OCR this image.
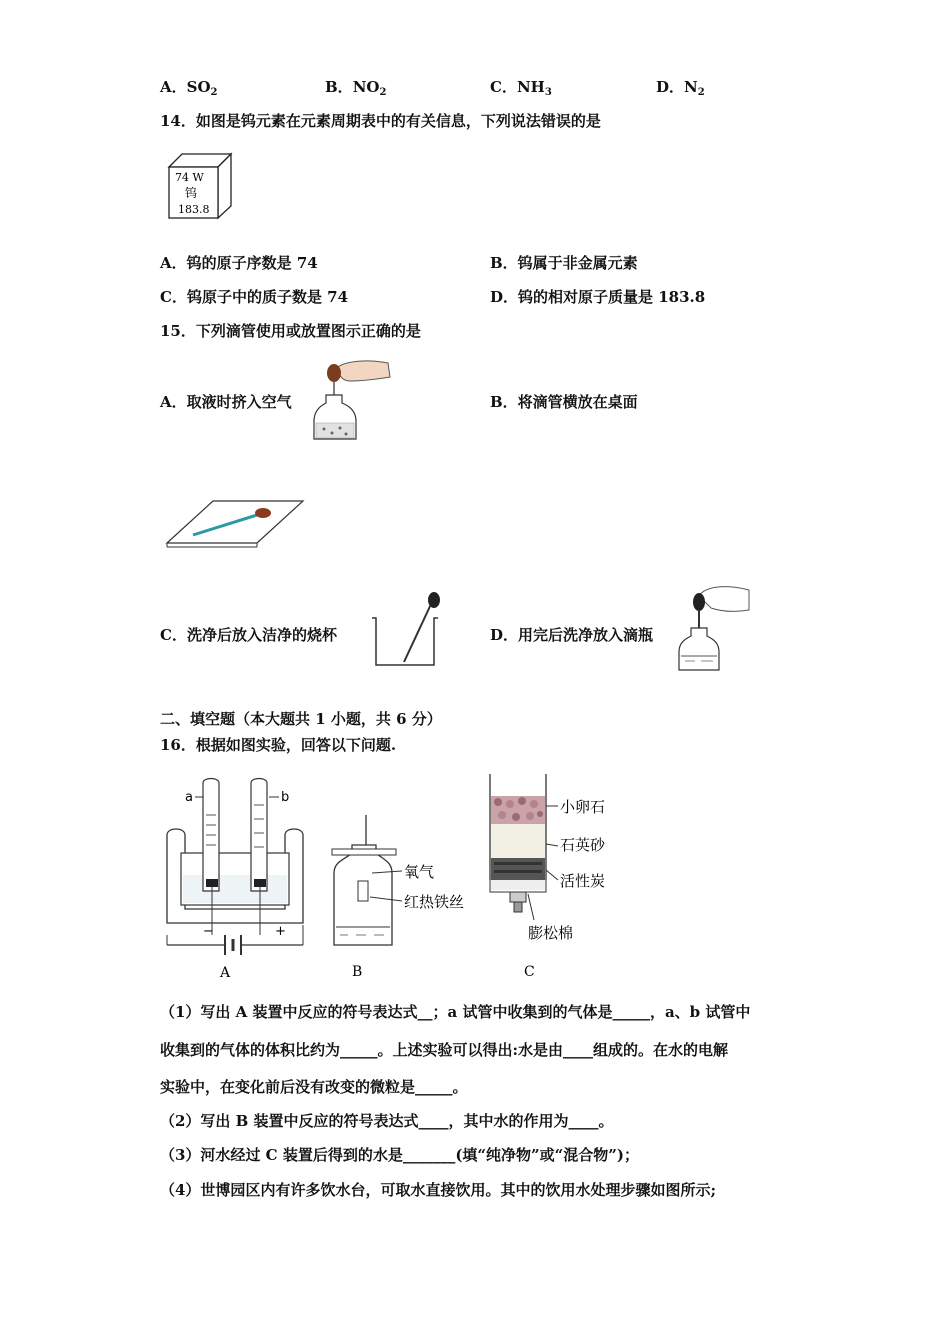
A．$SO_2$	B．$NO_2$	C．$NH_3$	D．$N_2$
14．如图是钨元素在元素周期表中的有关信息，下列说法错误的是
74 W
钨
183.8
A．钨的原子序数是 74	B．钨属于非金属元素
C．钨原子中的质子数是 74	D．钨的相对原子质量是 183.8
15．下列滴管使用或放置图示正确的是
A．取液时挤入空气	B．将滴管横放在桌面
C．洗净后放入洁净的烧杯	D．用完后洗净放入滴瓶
二、填空题（本大题共 1 小题，共 6 分）
16．根据如图实验，回答以下问题.
a	b
−	+
A
氧气
红热铁丝
B
小卵石
石英砂
活性炭
膨松棉
C
（1）写出 A 装置中反应的符号表达式__；a 试管中收集到的气体是_____，a、b 试管中
收集到的气体的体积比约为_____。上述实验可以得出:水是由____组成的。在水的电解
实验中，在变化前后没有改变的微粒是_____。
（2）写出 B 装置中反应的符号表达式____，其中水的作用为____。
（3）河水经过 C 装置后得到的水是_______(填“纯净物”或“混合物”)；
（4）世博园区内有许多饮水台，可取水直接饮用。其中的饮用水处理步骤如图所示;
